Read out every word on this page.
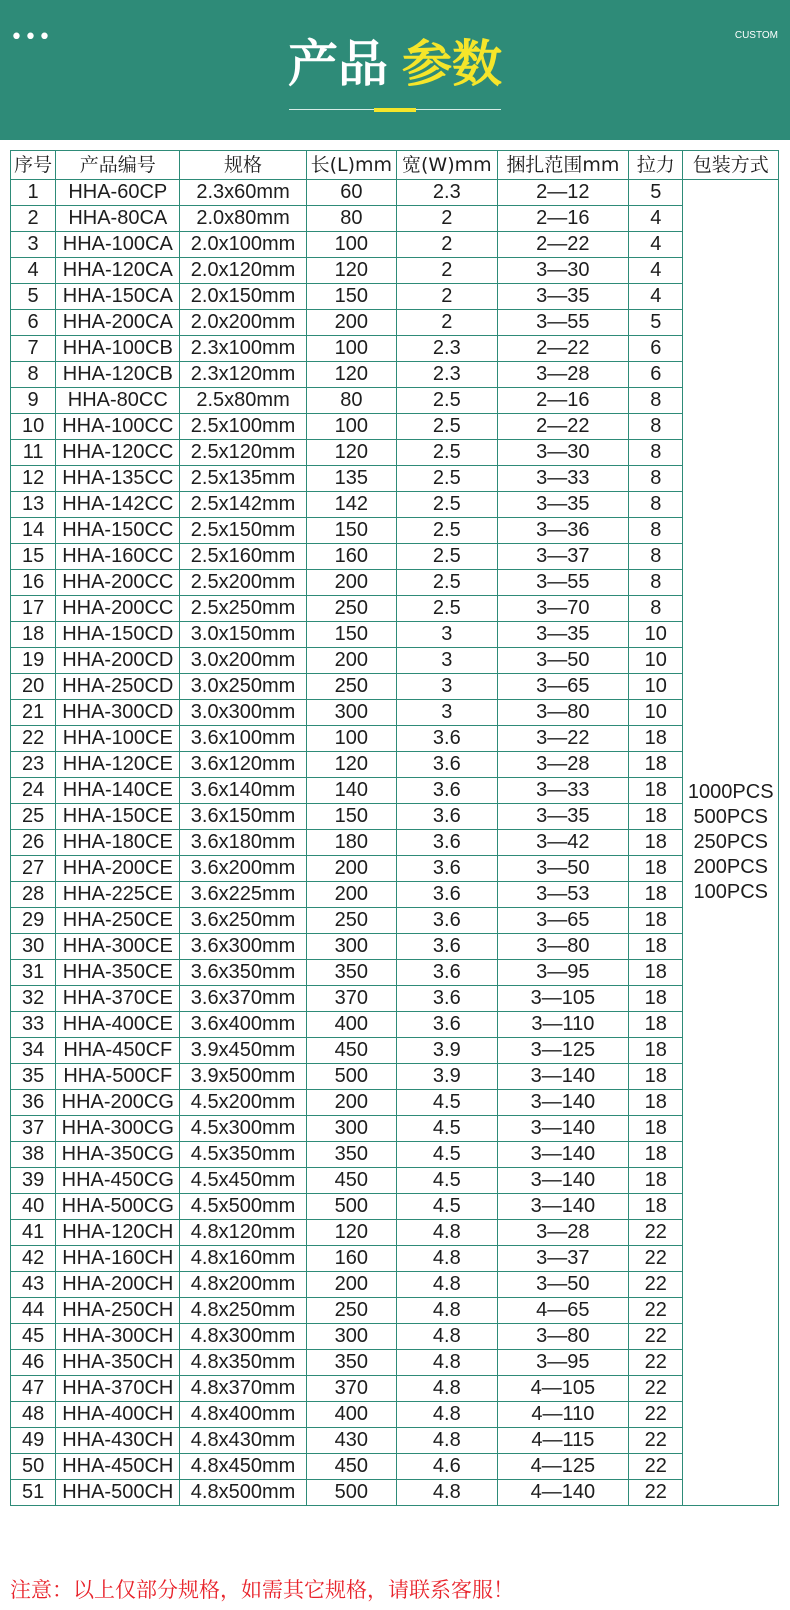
•••	CUSTOM
产品 参数
序号	产品编号	规格	长(L)mm	宽(W)mm	捆扎范围mm	拉力	包装方式
1	HHA-60CP	2.3x60mm	60	2.3	2—12	5	1000PCS
500PCS
250PCS
200PCS
100PCS

2	HHA-80CA	2.0x80mm	80	2	2—16	4	
3	HHA-100CA	2.0x100mm	100	2	2—22	4	
4	HHA-120CA	2.0x120mm	120	2	3—30	4	
5	HHA-150CA	2.0x150mm	150	2	3—35	4	
6	HHA-200CA	2.0x200mm	200	2	3—55	5	
7	HHA-100CB	2.3x100mm	100	2.3	2—22	6	
8	HHA-120CB	2.3x120mm	120	2.3	3—28	6	
9	HHA-80CC	2.5x80mm	80	2.5	2—16	8	
10	HHA-100CC	2.5x100mm	100	2.5	2—22	8	
11	HHA-120CC	2.5x120mm	120	2.5	3—30	8	
12	HHA-135CC	2.5x135mm	135	2.5	3—33	8	
13	HHA-142CC	2.5x142mm	142	2.5	3—35	8	
14	HHA-150CC	2.5x150mm	150	2.5	3—36	8	
15	HHA-160CC	2.5x160mm	160	2.5	3—37	8	
16	HHA-200CC	2.5x200mm	200	2.5	3—55	8	
17	HHA-200CC	2.5x250mm	250	2.5	3—70	8	
18	HHA-150CD	3.0x150mm	150	3	3—35	10	
19	HHA-200CD	3.0x200mm	200	3	3—50	10	
20	HHA-250CD	3.0x250mm	250	3	3—65	10	
21	HHA-300CD	3.0x300mm	300	3	3—80	10	
22	HHA-100CE	3.6x100mm	100	3.6	3—22	18	
23	HHA-120CE	3.6x120mm	120	3.6	3—28	18	
24	HHA-140CE	3.6x140mm	140	3.6	3—33	18	
25	HHA-150CE	3.6x150mm	150	3.6	3—35	18	
26	HHA-180CE	3.6x180mm	180	3.6	3—42	18	
27	HHA-200CE	3.6x200mm	200	3.6	3—50	18	
28	HHA-225CE	3.6x225mm	200	3.6	3—53	18	
29	HHA-250CE	3.6x250mm	250	3.6	3—65	18	
30	HHA-300CE	3.6x300mm	300	3.6	3—80	18	
31	HHA-350CE	3.6x350mm	350	3.6	3—95	18	
32	HHA-370CE	3.6x370mm	370	3.6	3—105	18	
33	HHA-400CE	3.6x400mm	400	3.6	3—110	18	
34	HHA-450CF	3.9x450mm	450	3.9	3—125	18	
35	HHA-500CF	3.9x500mm	500	3.9	3—140	18	
36	HHA-200CG	4.5x200mm	200	4.5	3—140	18	
37	HHA-300CG	4.5x300mm	300	4.5	3—140	18	
38	HHA-350CG	4.5x350mm	350	4.5	3—140	18	
39	HHA-450CG	4.5x450mm	450	4.5	3—140	18	
40	HHA-500CG	4.5x500mm	500	4.5	3—140	18	
41	HHA-120CH	4.8x120mm	120	4.8	3—28	22	
42	HHA-160CH	4.8x160mm	160	4.8	3—37	22	
43	HHA-200CH	4.8x200mm	200	4.8	3—50	22	
44	HHA-250CH	4.8x250mm	250	4.8	4—65	22	
45	HHA-300CH	4.8x300mm	300	4.8	3—80	22	
46	HHA-350CH	4.8x350mm	350	4.8	3—95	22	
47	HHA-370CH	4.8x370mm	370	4.8	4—105	22	
48	HHA-400CH	4.8x400mm	400	4.8	4—110	22	
49	HHA-430CH	4.8x430mm	430	4.8	4—115	22	
50	HHA-450CH	4.8x450mm	450	4.6	4—125	22	
51	HHA-500CH	4.8x500mm	500	4.8	4—140	22	
注意：以上仅部分规格，如需其它规格，请联系客服！
